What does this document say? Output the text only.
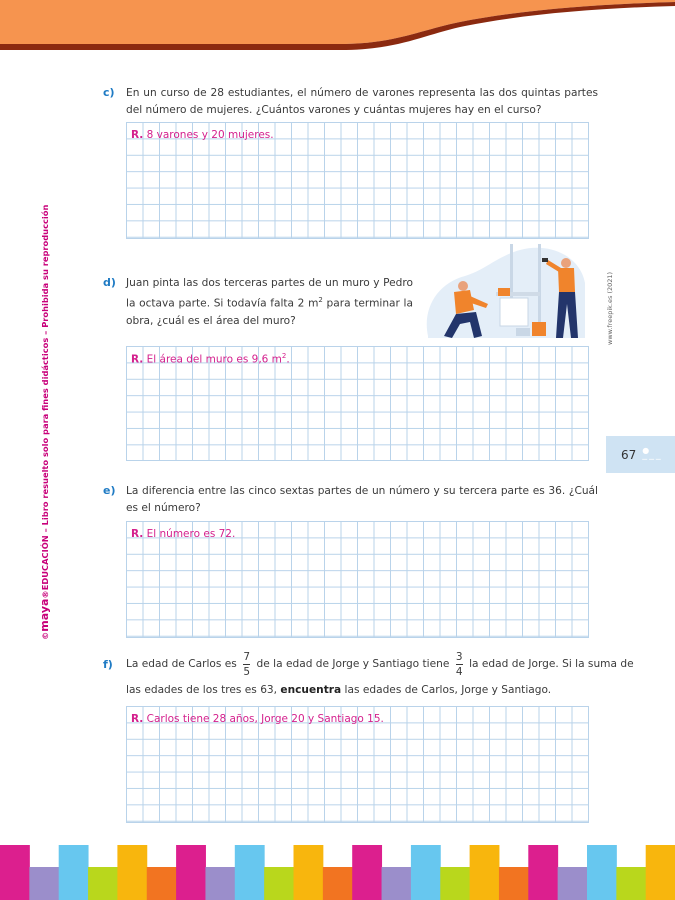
©maya®EDUCACIÓN – Libro resuelto solo para fines didácticos – Prohibida su reproducción	www.freepik.es (2021)
67 ● ───
c) En un curso de 28 estudiantes, el número de varones representa las dos quintas partes del número de mujeres. ¿Cuántos varones y cuántas mujeres hay en el curso?
R. 8 varones y 20 mujeres.
d) Juan pinta las dos terceras partes de un muro y Pedro la octava parte. Si todavía falta 2 $m^2$ para terminar la obra, ¿cuál es el área del muro?
R. El área del muro es 9,6 $m^2$.
e) La diferencia entre las cinco sextas partes de un número y su tercera parte es 36. ¿Cuál es el número?
R. El número es 72.
f) La edad de Carlos es $\frac{7}{5}$ de la edad de Jorge y Santiago tiene $\frac{3}{4}$ la edad de Jorge. Si la suma de
las edades de los tres es 63, encuentra las edades de Carlos, Jorge y Santiago.
R. Carlos tiene 28 años, Jorge 20 y Santiago 15.
